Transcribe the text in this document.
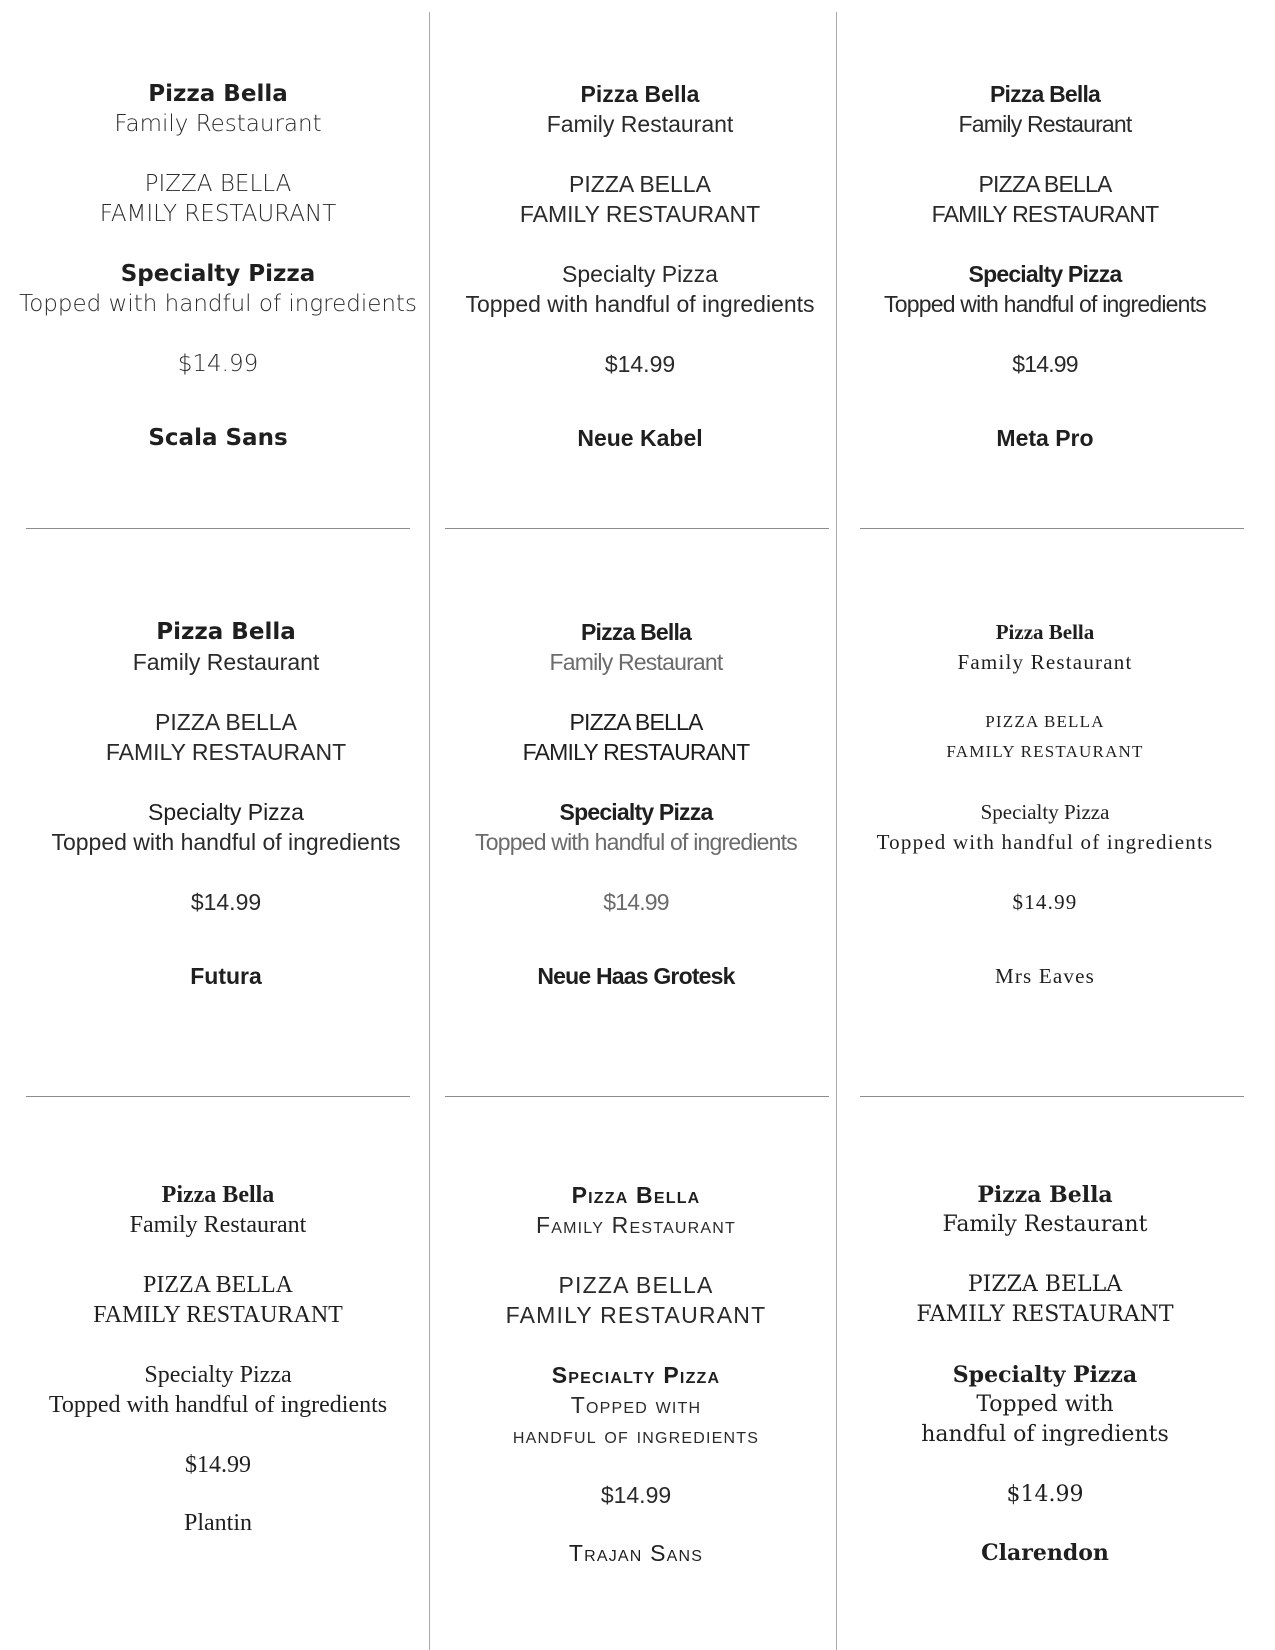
Pizza Bella
Family Restaurant
PIZZA BELLA
FAMILY RESTAURANT
Specialty Pizza
Topped with handful of ingredients
$14.99
Scala Sans
Pizza Bella
Family Restaurant
PIZZA BELLA
FAMILY RESTAURANT
Specialty Pizza
Topped with handful of ingredients
$14.99
Neue Kabel
Pizza Bella
Family Restaurant
PIZZA BELLA
FAMILY RESTAURANT
Specialty Pizza
Topped with handful of ingredients
$14.99
Meta Pro
Pizza Bella
Family Restaurant
PIZZA BELLA
FAMILY RESTAURANT
Specialty Pizza
Topped with handful of ingredients
$14.99
Futura
Pizza Bella
Family Restaurant
PIZZA BELLA
FAMILY RESTAURANT
Specialty Pizza
Topped with handful of ingredients
$14.99
Neue Haas Grotesk
Pizza Bella
Family Restaurant
PIZZA BELLA
FAMILY RESTAURANT
Specialty Pizza
Topped with handful of ingredients
$14.99
Mrs Eaves
Pizza Bella
Family Restaurant
PIZZA BELLA
FAMILY RESTAURANT
Specialty Pizza
Topped with handful of ingredients
$14.99
Plantin
Pizza Bella
Family Restaurant
PIZZA BELLA
FAMILY RESTAURANT
Specialty Pizza
Topped with
handful of ingredients
$14.99
Trajan Sans
Pizza Bella
Family Restaurant
PIZZA BELLA
FAMILY RESTAURANT
Specialty Pizza
Topped with
handful of ingredients
$14.99
Clarendon
